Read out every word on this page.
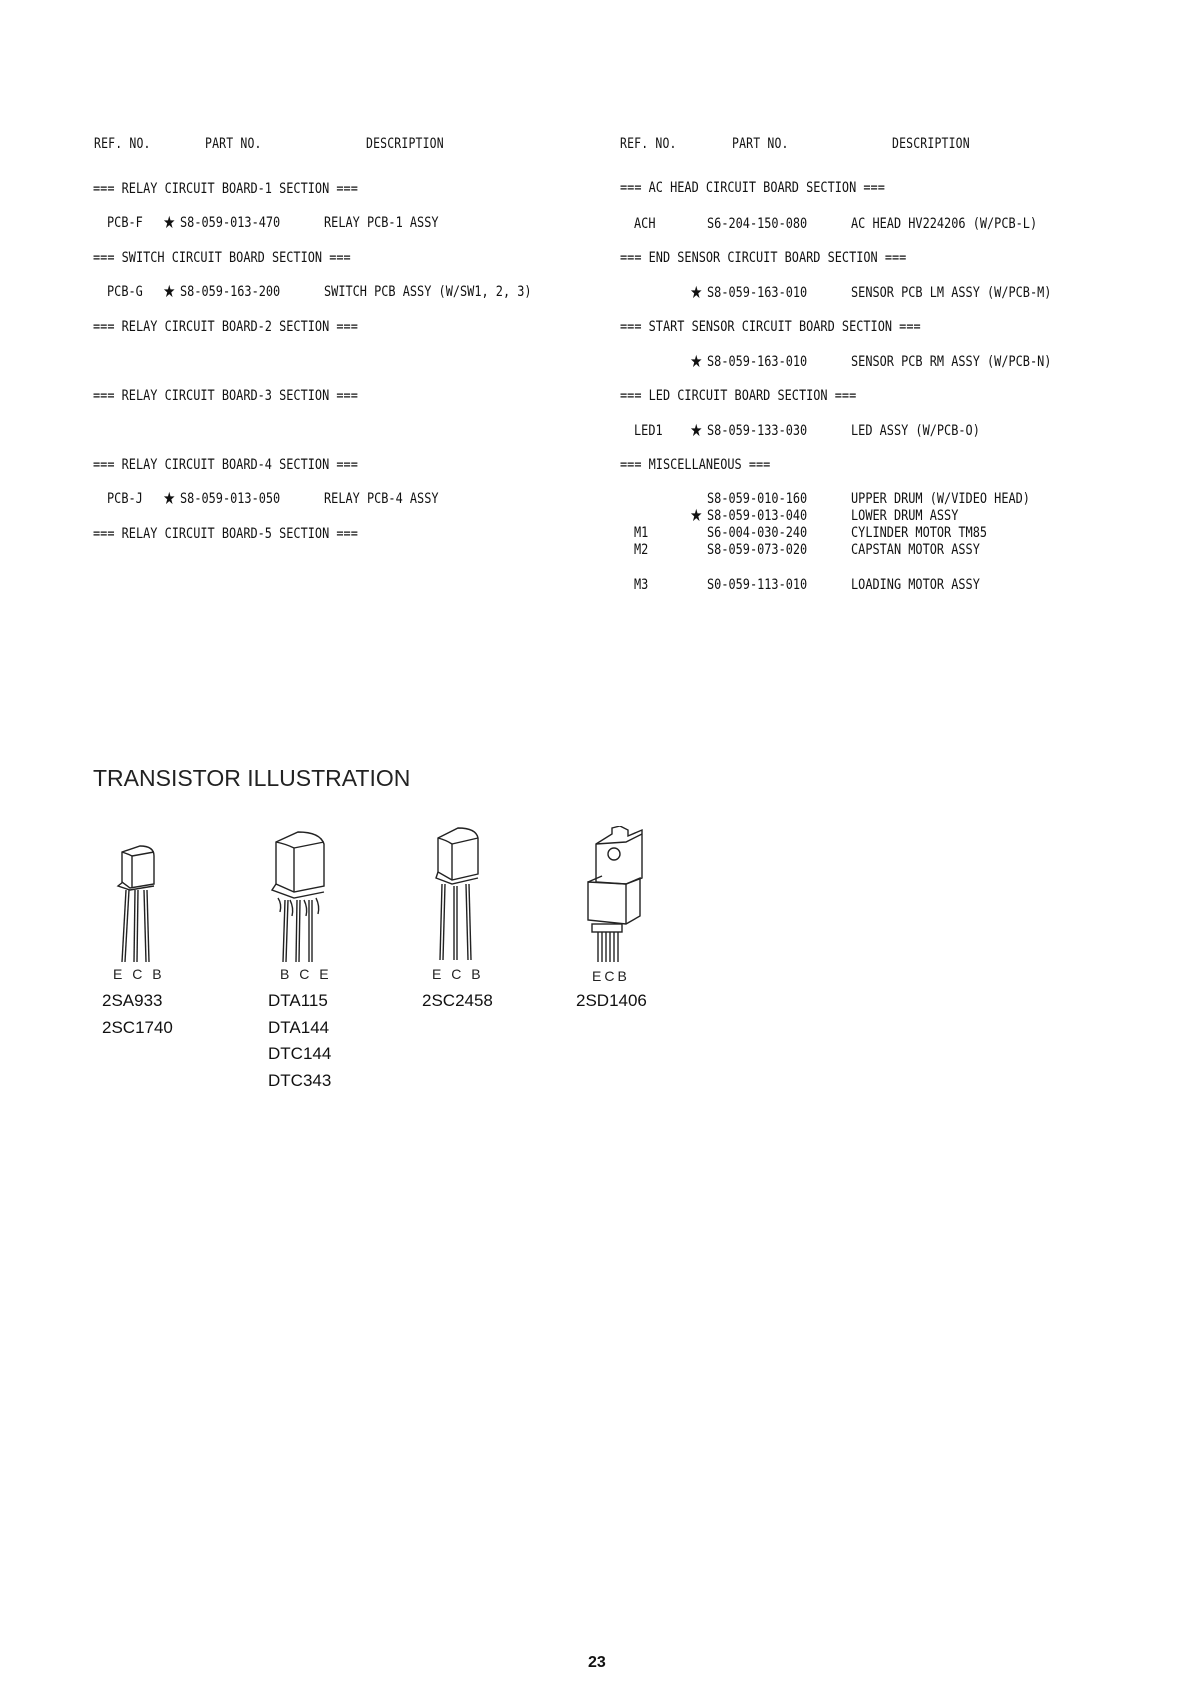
REF. NO.	PART NO.	DESCRIPTION
=== RELAY CIRCUIT BOARD-1 SECTION ===
PCB-F ★ S8-059-013-470	RELAY PCB-1 ASSY
=== SWITCH CIRCUIT BOARD SECTION ===
PCB-G ★ S8-059-163-200	SWITCH PCB ASSY (W/SW1, 2, 3)
=== RELAY CIRCUIT BOARD-2 SECTION ===
=== RELAY CIRCUIT BOARD-3 SECTION ===
=== RELAY CIRCUIT BOARD-4 SECTION ===
PCB-J ★ S8-059-013-050	RELAY PCB-4 ASSY
=== RELAY CIRCUIT BOARD-5 SECTION ===
REF. NO.	PART NO.	DESCRIPTION
=== AC HEAD CIRCUIT BOARD SECTION ===
ACH	S6-204-150-080	AC HEAD HV224206 (W/PCB-L)
=== END SENSOR CIRCUIT BOARD SECTION ===
★ S8-059-163-010	SENSOR PCB LM ASSY (W/PCB-M)
=== START SENSOR CIRCUIT BOARD SECTION ===
★ S8-059-163-010	SENSOR PCB RM ASSY (W/PCB-N)
=== LED CIRCUIT BOARD SECTION ===
LED1 ★ S8-059-133-030	LED ASSY (W/PCB-O)
=== MISCELLANEOUS ===
S8-059-010-160	UPPER DRUM (W/VIDEO HEAD)
★ S8-059-013-040	LOWER DRUM ASSY
M1	S6-004-030-240	CYLINDER MOTOR TM85
M2	S8-059-073-020	CAPSTAN MOTOR ASSY
M3	S0-059-113-010	LOADING MOTOR ASSY
TRANSISTOR ILLUSTRATION
E C B
2SA933
2SC1740
B C E
DTA115
DTA144
DTC144
DTC343
E C B
2SC2458
ECB
2SD1406
23
